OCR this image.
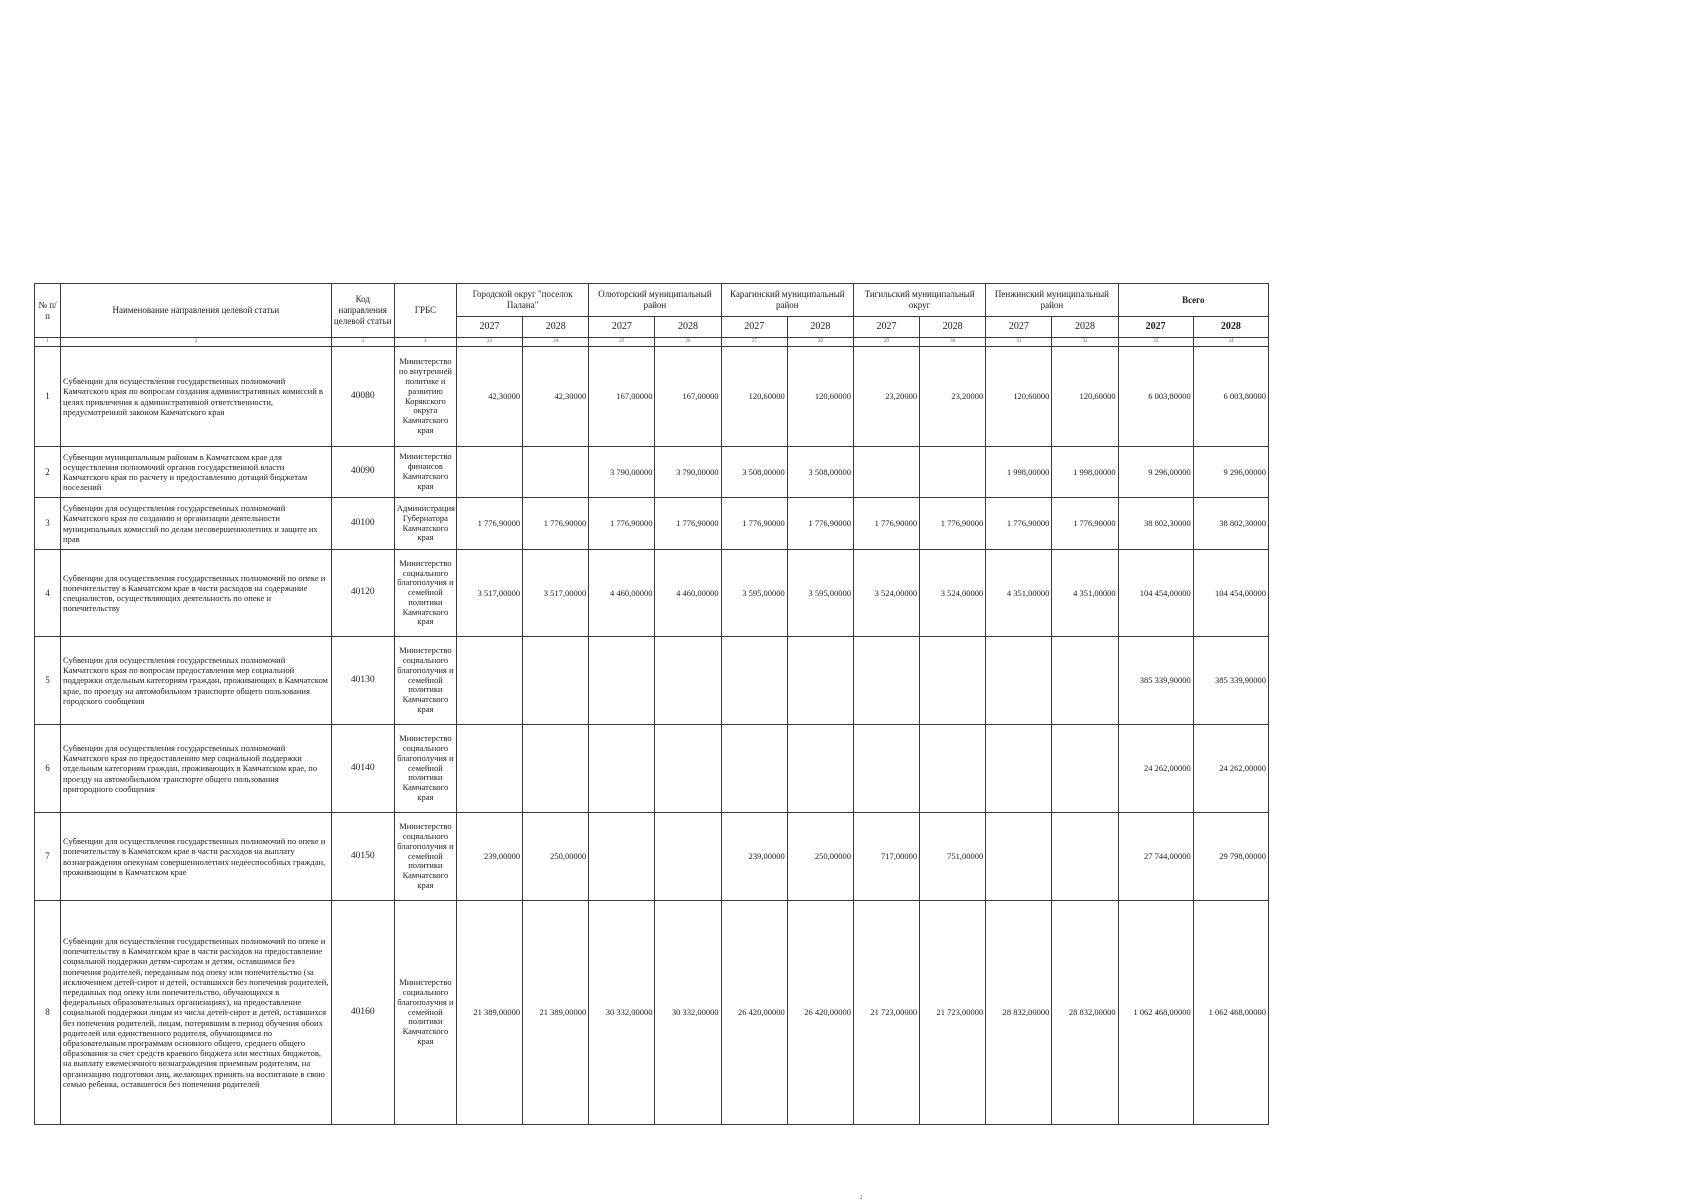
№ п/п	Наименование направления целевой статьи	Код направления целевой статьи	ГРБС	Городской округ "поселок Палана"		Олюторский муниципальный район		Карагинский муниципальный район		Тигильский муниципальный округ		Пенжинский муниципальный район		Всего	
				2027	2028	2027	2028	2027	2028	2027	2028	2027	2028	2027	2028
1	2	3	4	23	24	25	26	27	28	29	30	31	32	33	34
1	Субвенции для осуществления государственных полномочий Камчатского края по вопросам создания административных комиссий в целях привлечения к административной ответственности, предусмотренной законом Камчатского края	40080	Министерство по внутренней политике и развитию Корякского округа Камчатского края	42,30000	42,30000	167,00000	167,00000	120,60000	120,60000	23,20000	23,20000	120,60000	120,60000	6 003,80000	6 003,80000
2	Субвенции муниципальным районам в Камчатском крае для осуществления полномочий органов государственной власти Камчатского края по расчету и предоставлению дотаций бюджетам поселений	40090	Министерство финансов Камчатского края			3 790,00000	3 790,00000	3 508,00000	3 508,00000			1 998,00000	1 998,00000	9 296,00000	9 296,00000
3	Субвенции для осуществления государственных полномочий Камчатского края по созданию и организации деятельности муниципальных комиссий по делам несовершеннолетних и защите их прав	40100	Администрация Губернатора Камчатского края	1 776,90000	1 776,90000	1 776,90000	1 776,90000	1 776,90000	1 776,90000	1 776,90000	1 776,90000	1 776,90000	1 776,90000	38 802,30000	38 802,30000
4	Субвенции для осуществления государственных полномочий по опеке и попечительству в Камчатском крае в части расходов на содержание специалистов, осуществляющих деятельность по опеке и попечительству	40120	Министерство социального благополучия и семейной политики Камчатского края	3 517,00000	3 517,00000	4 460,00000	4 460,00000	3 595,00000	3 595,00000	3 524,00000	3 524,00000	4 351,00000	4 351,00000	104 454,00000	104 454,00000
5	Субвенции для осуществления государственных полномочий Камчатского края по вопросам предоставления мер социальной поддержки отдельным категориям граждан, проживающих в Камчатском крае, по проезду на автомобильном транспорте общего пользования городского сообщения	40130	Министерство социального благополучия и семейной политики Камчатского края											385 339,90000	385 339,90000
6	Субвенции для осуществления государственных полномочий Камчатского края по предоставлению мер социальной поддержки отдельным категориям граждан, проживающих в Камчатском крае, по проезду на автомобильном транспорте общего пользования пригородного сообщения	40140	Министерство социального благополучия и семейной политики Камчатского края											24 262,00000	24 262,00000
7	Субвенции для осуществления государственных полномочий по опеке и попечительству в Камчатском крае в части расходов на выплату вознаграждения опекунам совершеннолетних недееспособных граждан, проживающим в Камчатском крае	40150	Министерство социального благополучия и семейной политики Камчатского края	239,00000	250,00000			239,00000	250,00000	717,00000	751,00000			27 744,00000	29 798,00000
8	Субвенции для осуществления государственных полномочий по опеке и попечительству в Камчатском крае в части расходов на предоставление социальной поддержки детям-сиротам и детям, оставшимся без попечения родителей, переданным под опеку или попечительство (за исключением детей-сирот и детей, оставшихся без попечения родителей, переданных под опеку или попечительство, обучающихся в федеральных образовательных организациях), на предоставление социальной поддержки лицам из числа детей-сирот и детей, оставшихся без попечения родителей, лицам, потерявшим в период обучения обоих родителей или единственного родителя, обучающимся по образовательным программам основного общего, среднего общего образования за счет средств краевого бюджета или местных бюджетов, на выплату ежемесячного вознаграждения приемным родителям, на организацию подготовки лиц, желающих принять на воспитание в свою семью ребенка, оставшегося без попечения родителей	40160	Министерство социального благополучия и семейной политики Камчатского края	21 389,00000	21 389,00000	30 332,00000	30 332,00000	26 420,00000	26 420,00000	21 723,00000	21 723,00000	28 832,00000	28 832,00000	1 062 468,00000	1 062 468,00000
2
